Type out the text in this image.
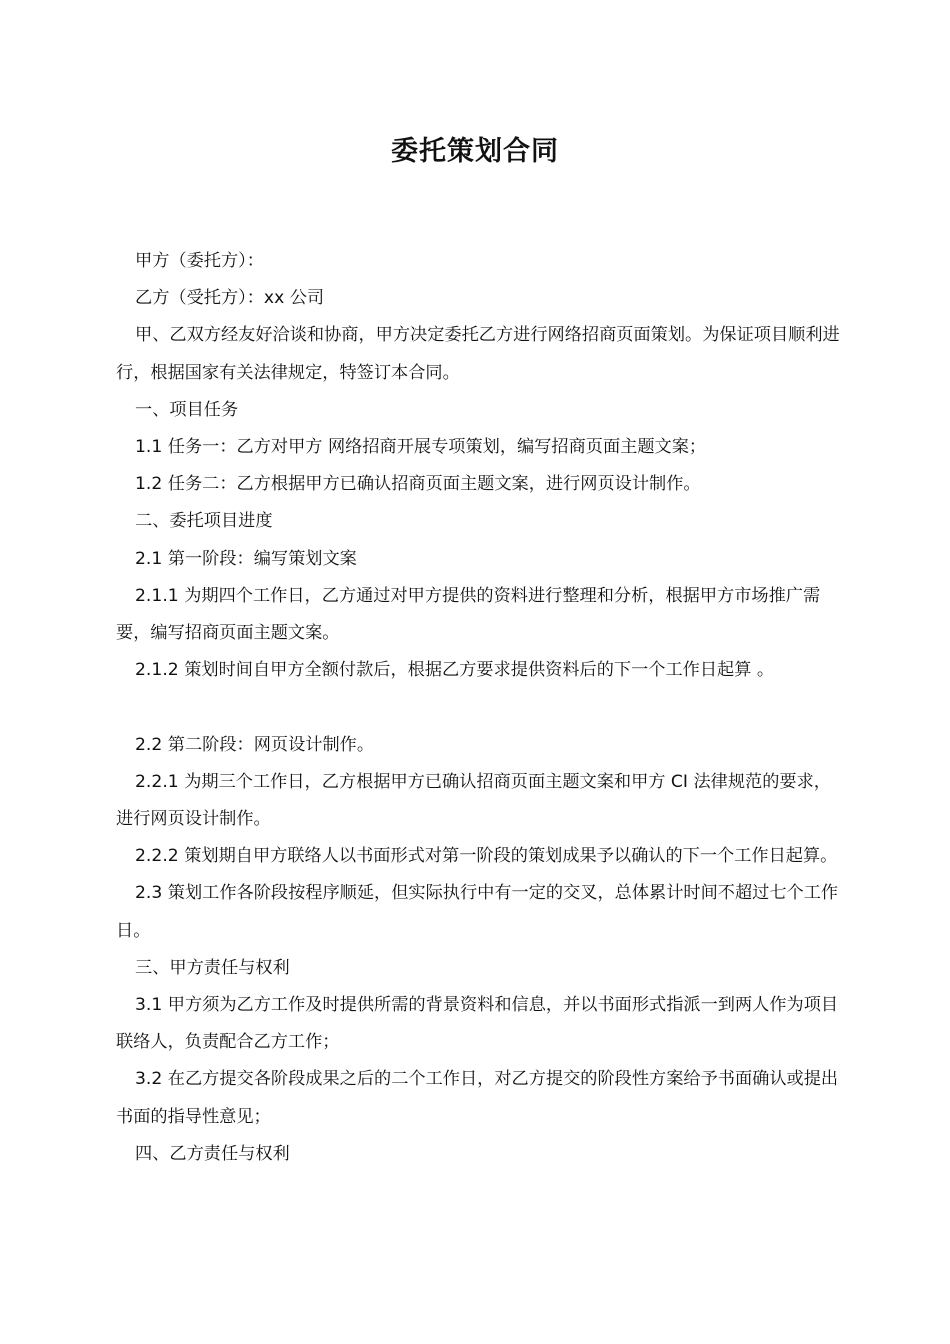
委托策划合同

甲方（委托方）：

乙方（受托方）：xx 公司

甲、乙双方经友好洽谈和协商，甲方决定委托乙方进行网络招商页面策划。为保证项目顺利进行，根据国家有关法律规定，特签订本合同。

一、项目任务

1.1 任务一：乙方对甲方 网络招商开展专项策划，编写招商页面主题文案；

1.2 任务二：乙方根据甲方已确认招商页面主题文案，进行网页设计制作。

二、委托项目进度

2.1 第一阶段：编写策划文案

2.1.1 为期四个工作日，乙方通过对甲方提供的资料进行整理和分析，根据甲方市场推广需要，编写招商页面主题文案。

2.1.2 策划时间自甲方全额付款后，根据乙方要求提供资料后的下一个工作日起算 。

2.2 第二阶段：网页设计制作。

2.2.1 为期三个工作日，乙方根据甲方已确认招商页面主题文案和甲方 CI 法律规范的要求，进行网页设计制作。

2.2.2 策划期自甲方联络人以书面形式对第一阶段的策划成果予以确认的下一个工作日起算。

2.3 策划工作各阶段按程序顺延，但实际执行中有一定的交叉，总体累计时间不超过七个工作日。

三、甲方责任与权利

3.1 甲方须为乙方工作及时提供所需的背景资料和信息，并以书面形式指派一到两人作为项目联络人，负责配合乙方工作；

3.2 在乙方提交各阶段成果之后的二个工作日，对乙方提交的阶段性方案给予书面确认或提出书面的指导性意见；

四、乙方责任与权利
